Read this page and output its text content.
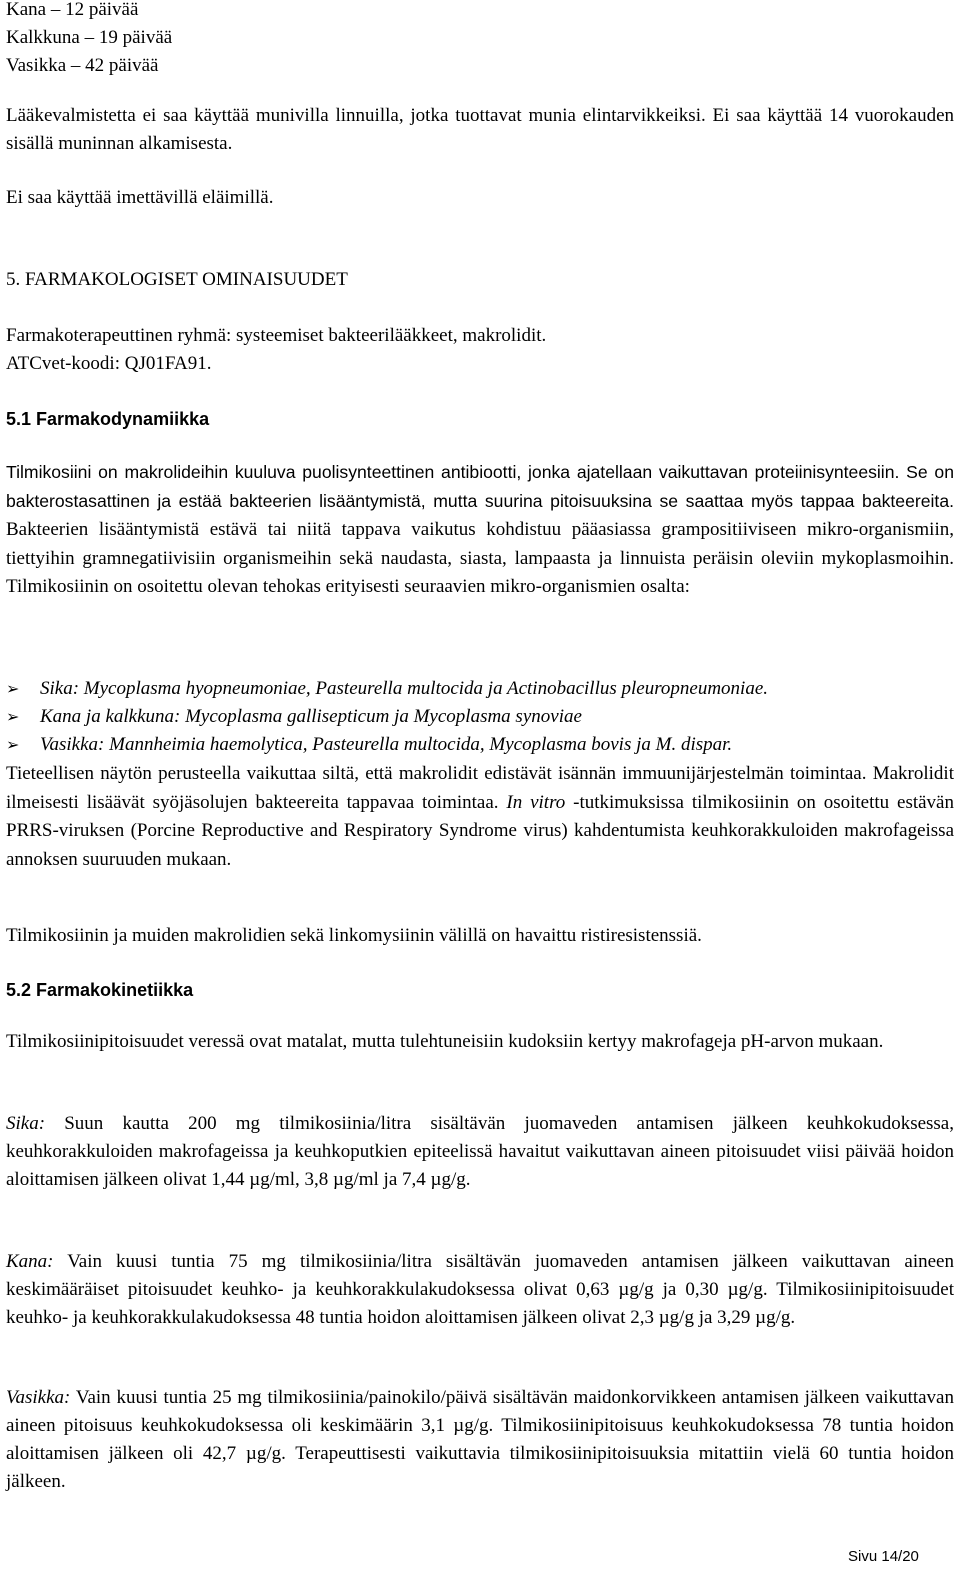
Kana – 12 päivää
Kalkkuna – 19 päivää
Vasikka – 42 päivää

Lääkevalmistetta ei saa käyttää munivilla linnuilla, jotka tuottavat munia elintarvikkeiksi. Ei saa käyttää 14 vuorokauden sisällä muninnan alkamisesta.

Ei saa käyttää imettävillä eläimillä.

5. FARMAKOLOGISET OMINAISUUDET
Farmakoterapeuttinen ryhmä: systeemiset bakteerilääkkeet, makrolidit.
ATCvet-koodi: QJ01FA91.
5.1 Farmakodynamiikka

Tilmikosiini on makrolideihin kuuluva puolisynteettinen antibiootti, jonka ajatellaan vaikuttavan proteiinisynteesiin. Se on bakterostasattinen ja estää bakteerien lisääntymistä, mutta suurina pitoisuuksina se saattaa myös tappaa bakteereita. Bakteerien lisääntymistä estävä tai niitä tappava vaikutus kohdistuu pääasiassa grampositiiviseen mikro-organismiin, tiettyihin gramnegatiivisiin organismeihin sekä naudasta, siasta, lampaasta ja linnuista peräisin oleviin mykoplasmoihin. Tilmikosiinin on osoitettu olevan tehokas erityisesti seuraavien mikro-organismien osalta:

➢	Sika: Mycoplasma hyopneumoniae, Pasteurella multocida ja Actinobacillus pleuropneumoniae.
➢	Kana ja kalkkuna: Mycoplasma gallisepticum ja Mycoplasma synoviae
➢	Vasikka: Mannheimia haemolytica, Pasteurella multocida, Mycoplasma bovis ja M. dispar.

Tieteellisen näytön perusteella vaikuttaa siltä, että makrolidit edistävät isännän immuunijärjestelmän toimintaa. Makrolidit ilmeisesti lisäävät syöjäsolujen bakteereita tappavaa toimintaa. In vitro -tutkimuksissa tilmikosiinin on osoitettu estävän PRRS-viruksen (Porcine Reproductive and Respiratory Syndrome virus) kahdentumista keuhkorakkuloiden makrofageissa annoksen suuruuden mukaan.

Tilmikosiinin ja muiden makrolidien sekä linkomysiinin välillä on havaittu ristiresistenssiä.

5.2 Farmakokinetiikka

Tilmikosiinipitoisuudet veressä ovat matalat, mutta tulehtuneisiin kudoksiin kertyy makrofageja pH-arvon mukaan.

Sika: Suun kautta 200 mg tilmikosiinia/litra sisältävän juomaveden antamisen jälkeen keuhkokudoksessa, keuhkorakkuloiden makrofageissa ja keuhkoputkien epiteelissä havaitut vaikuttavan aineen pitoisuudet viisi päivää hoidon aloittamisen jälkeen olivat 1,44 µg/ml, 3,8 µg/ml ja 7,4 µg/g.

Kana: Vain kuusi tuntia 75 mg tilmikosiinia/litra sisältävän juomaveden antamisen jälkeen vaikuttavan aineen keskimääräiset pitoisuudet keuhko- ja keuhkorakkulakudoksessa olivat 0,63 µg/g ja 0,30 µg/g. Tilmikosiinipitoisuudet keuhko- ja keuhkorakkulakudoksessa 48 tuntia hoidon aloittamisen jälkeen olivat 2,3 µg/g ja 3,29 µg/g.

Vasikka: Vain kuusi tuntia 25 mg tilmikosiinia/painokilo/päivä sisältävän maidonkorvikkeen antamisen jälkeen vaikuttavan aineen pitoisuus keuhkokudoksessa oli keskimäärin 3,1 µg/g. Tilmikosiinipitoisuus keuhkokudoksessa 78 tuntia hoidon aloittamisen jälkeen oli 42,7 µg/g. Terapeuttisesti vaikuttavia tilmikosiinipitoisuuksia mitattiin vielä 60 tuntia hoidon jälkeen.

Sivu 14/20
